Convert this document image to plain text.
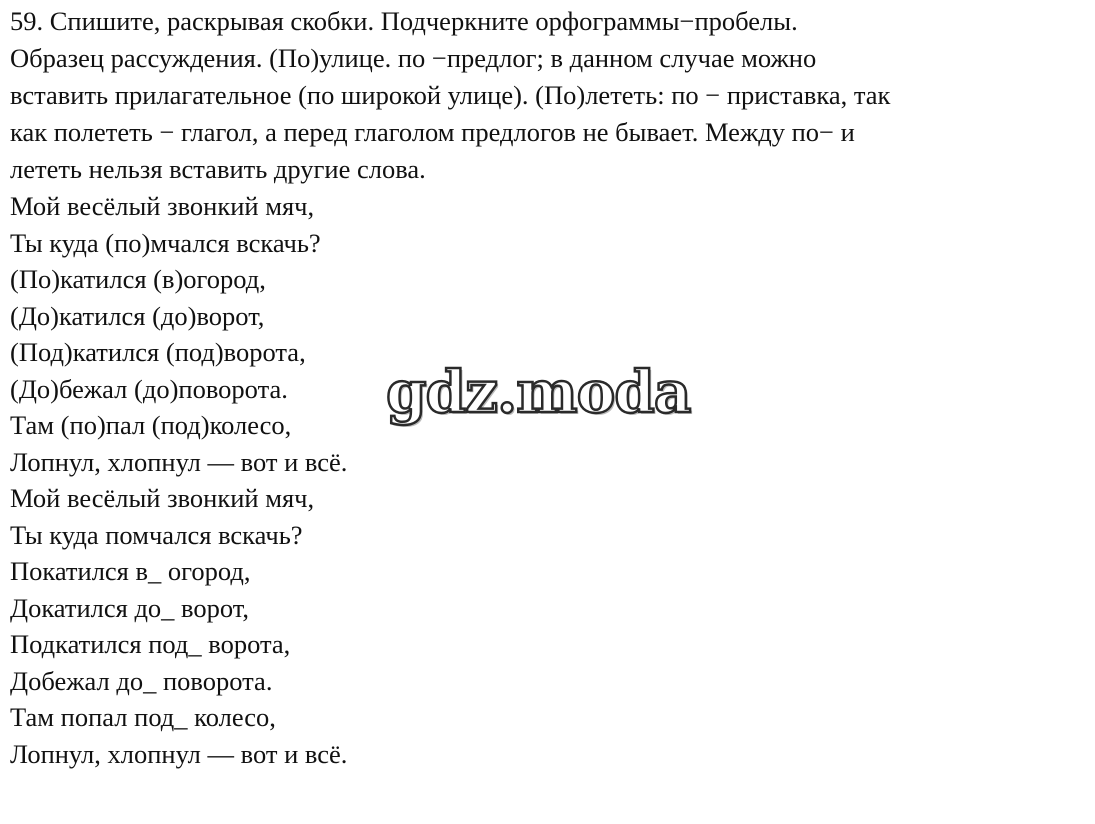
59. Спишите, раскрывая скобки. Подчеркните орфограммы−пробелы.
Образец рассуждения. (По)улице. по −предлог; в данном случае можно
вставить прилагательное (по широкой улице). (По)лететь: по − приставка, так
как полететь − глагол, а перед глаголом предлогов не бывает. Между по− и
лететь нельзя вставить другие слова.
Мой весёлый звонкий мяч,
Ты куда (по)мчался вскачь?
(По)катился (в)огород,
(До)катился (до)ворот,
(Под)катился (под)ворота,
(До)бежал (до)поворота.
Там (по)пал (под)колесо,
Лопнул, хлопнул — вот и всё.
Мой весёлый звонкий мяч,
Ты куда помчался вскачь?
Покатился в_ огород,
Докатился до_ ворот,
Подкатился под_ ворота,
Добежал до_ поворота.
Там попал под_ колесо,
Лопнул, хлопнул — вот и всё.
gdz.moda
